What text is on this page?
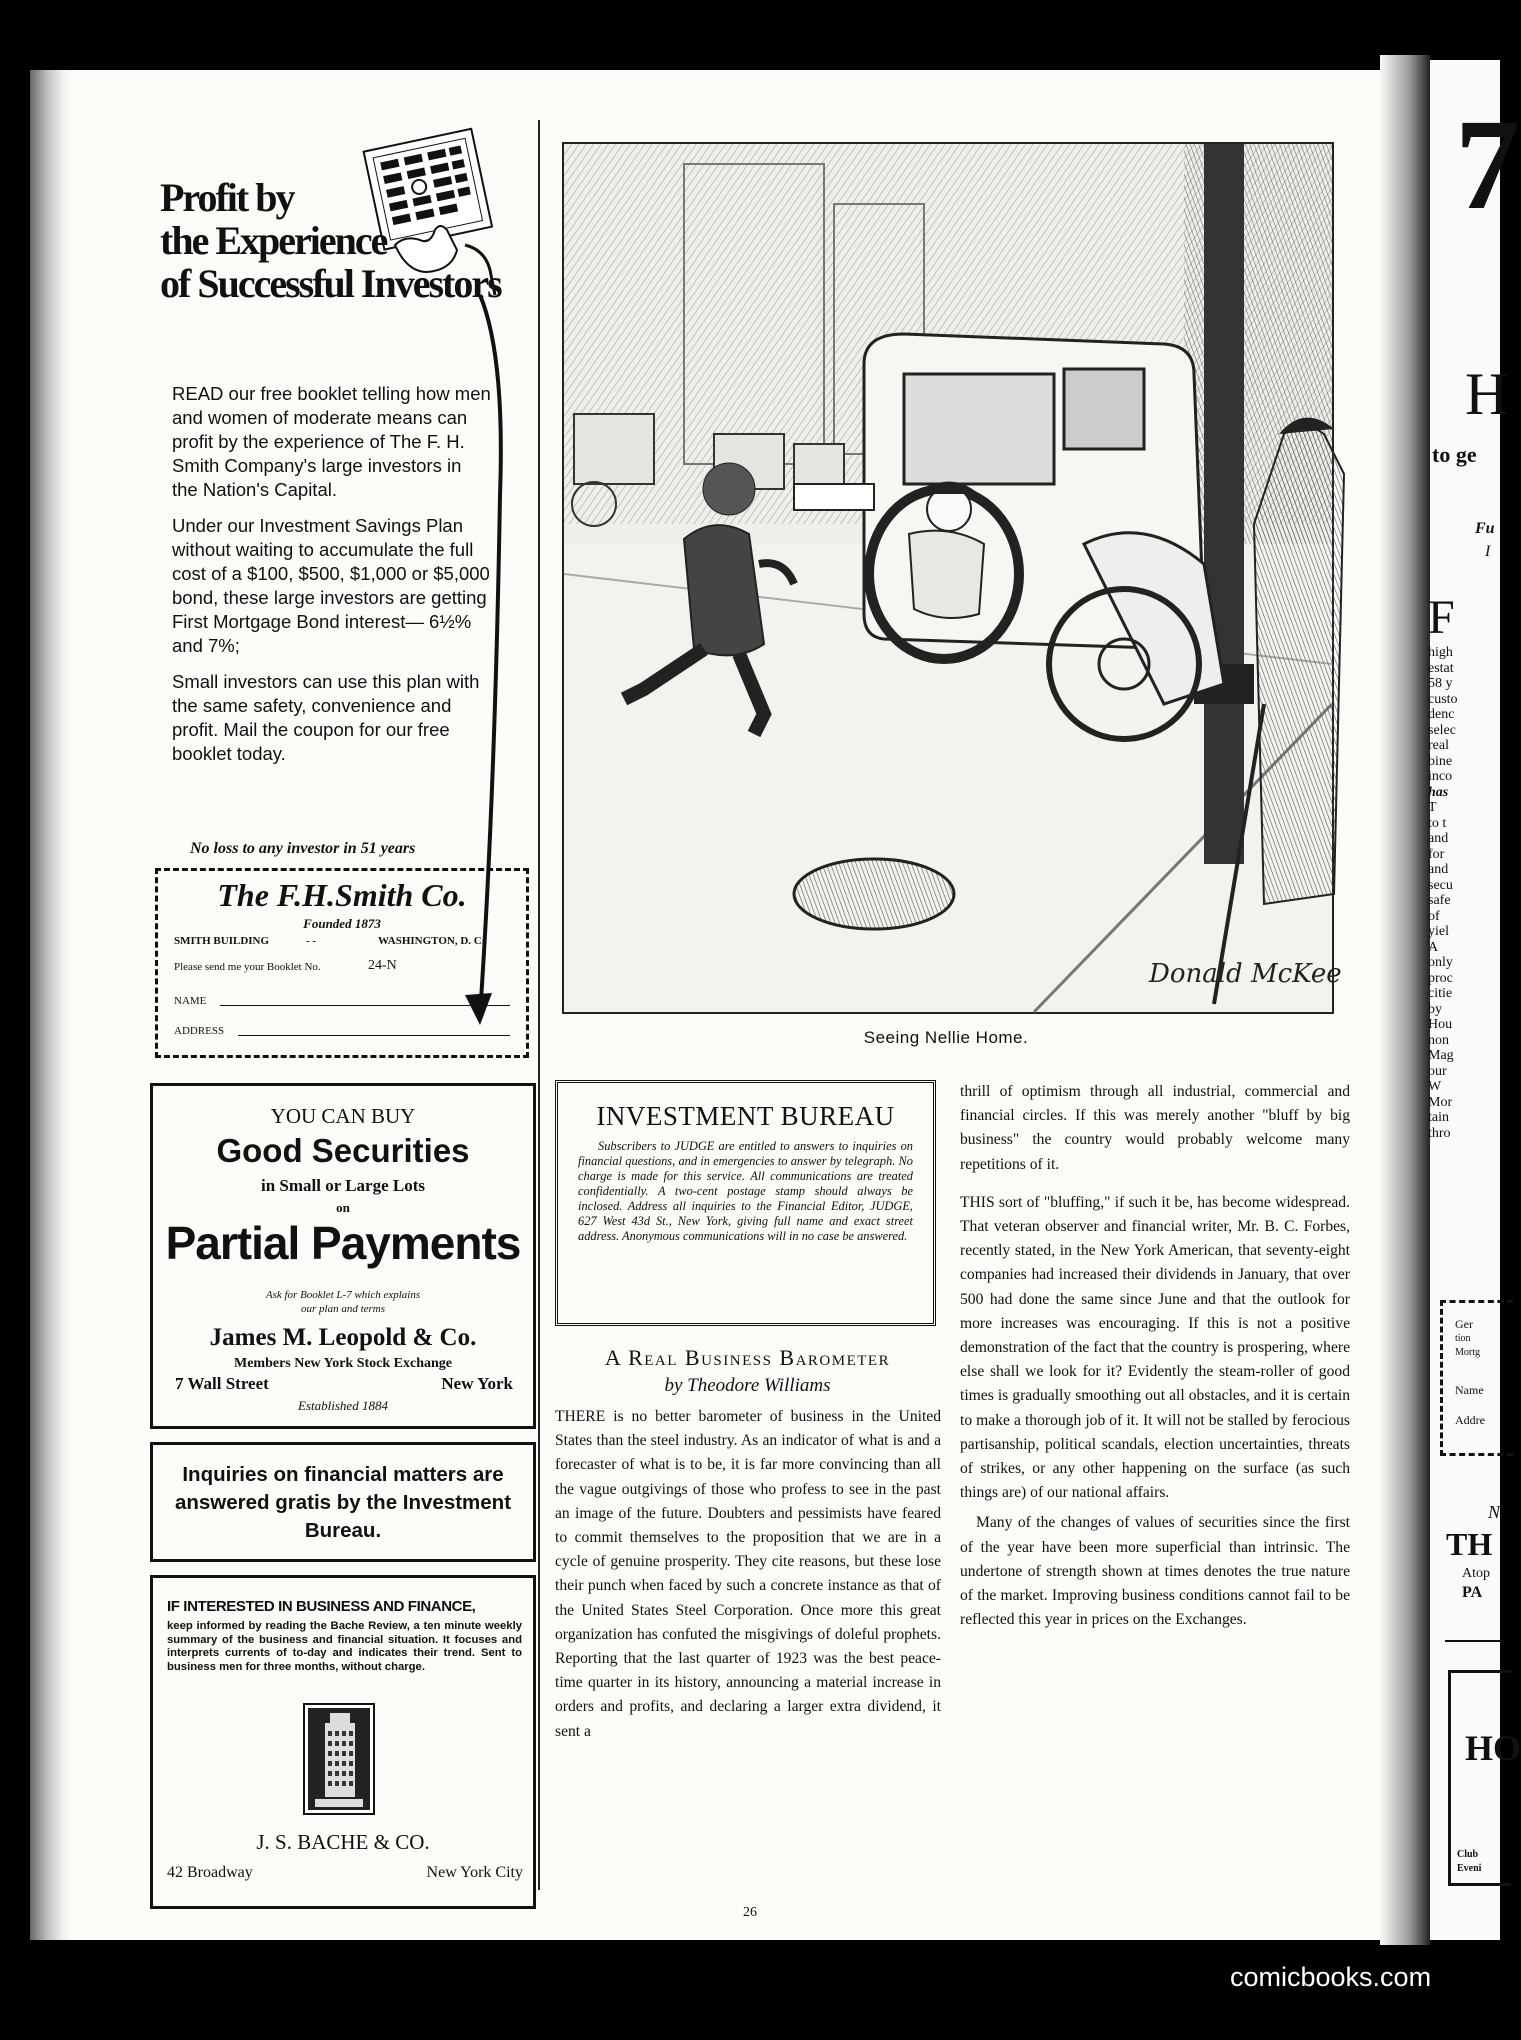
Profit by
the Experience
of Successful Investors

READ our free booklet telling how men and women of moderate means can profit by the experience of The F. H. Smith Company's large investors in the Nation's Capital.

Under our Investment Savings Plan without waiting to accumulate the full cost of a $100, $500, $1,000 or $5,000 bond, these large investors are getting First Mortgage Bond interest— 6½% and 7%;

Small investors can use this plan with the same safety, convenience and profit. Mail the coupon for our free booklet today.

No loss to any investor in 51 years
The F.H.Smith Co.
Founded 1873
SMITH BUILDING	- -	WASHINGTON, D. C.
Please send me your Booklet No.	24-N
NAME
ADDRESS
YOU CAN BUY
Good Securities
in Small or Large Lots
on
Partial Payments
Ask for Booklet L-7 which explains
our plan and terms
James M. Leopold & Co.
Members New York Stock Exchange
7 Wall Street	New York
Established 1884
Inquiries on financial matters are answered gratis by the Investment Bureau.
IF INTERESTED IN BUSINESS AND FINANCE,
keep informed by reading the Bache Review, a ten minute weekly summary of the business and financial situation. It focuses and interprets currents of to-day and indicates their trend. Sent to business men for three months, without charge.
J. S. BACHE & CO.
42 Broadway	New York City
Donald McKee
Seeing Nellie Home.
INVESTMENT BUREAU
Subscribers to JUDGE are entitled to answers to inquiries on financial questions, and in emergencies to answer by telegraph. No charge is made for this service. All communications are treated confidentially. A two-cent postage stamp should always be inclosed. Address all inquiries to the Financial Editor, JUDGE, 627 West 43d St., New York, giving full name and exact street address. Anonymous communications will in no case be answered.
A Real Business Barometer
by Theodore Williams

THERE is no better barometer of business in the United States than the steel industry. As an indicator of what is and a forecaster of what is to be, it is far more convincing than all the vague outgivings of those who profess to see in the past an image of the future. Doubters and pessimists have feared to commit themselves to the proposition that we are in a cycle of genuine prosperity. They cite reasons, but these lose their punch when faced by such a concrete instance as that of the United States Steel Corporation. Once more this great organization has confuted the misgivings of doleful prophets. Reporting that the last quarter of 1923 was the best peace-time quarter in its history, announcing a material increase in orders and profits, and declaring a larger extra dividend, it sent a

thrill of optimism through all industrial, commercial and financial circles. If this was merely another "bluff by big business" the country would probably welcome many repetitions of it.

THIS sort of "bluffing," if such it be, has become widespread. That veteran observer and financial writer, Mr. B. C. Forbes, recently stated, in the New York American, that seventy-eight companies had increased their dividends in January, that over 500 had done the same since June and that the outlook for more increases was encouraging. If this is not a positive demonstration of the fact that the country is prospering, where else shall we look for it? Evidently the steam-roller of good times is gradually smoothing out all obstacles, and it is certain to make a thorough job of it. It will not be stalled by ferocious partisanship, political scandals, election uncertainties, threats of strikes, or any other happening on the surface (as such things are) of our national affairs.

Many of the changes of values of securities since the first of the year have been more superficial than intrinsic. The undertone of strength shown at times denotes the true nature of the market. Improving business conditions cannot fail to be reflected this year in prices on the Exchanges.

26
7
H
to ge
Fu
I
F
high
estat
58 y
custo
denc
selec
real
bine
inco
has
T
to t
and
for
and
secu
safe
of
yiel
A
only
proc
citie
by
Hou
non
Mag
our
W
Mor
tain
thro
Ger
tion
Mortg
Name
Addre
N
TH
Atop
PA
HO
Club
Eveni
comicbooks.com
